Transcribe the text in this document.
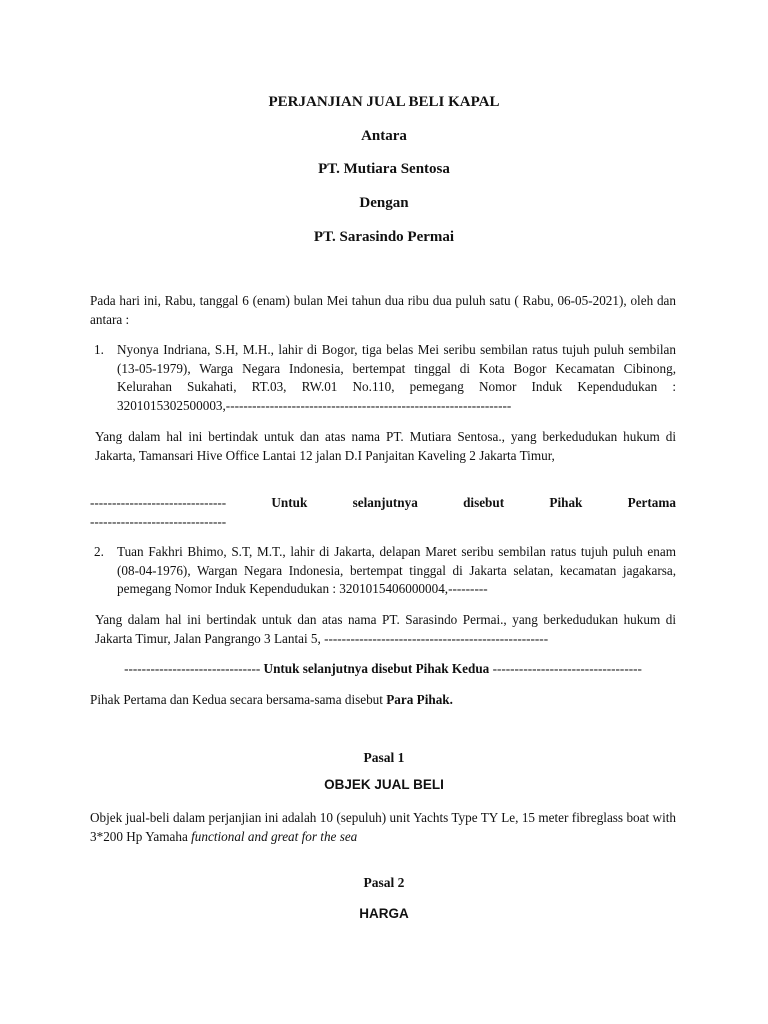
PERJANJIAN JUAL BELI KAPAL
Antara
PT. Mutiara Sentosa
Dengan
PT. Sarasindo Permai
Pada hari ini, Rabu, tanggal 6 (enam) bulan Mei tahun dua ribu dua puluh satu ( Rabu, 06-05-2021), oleh dan antara :
1. Nyonya Indriana, S.H, M.H., lahir di Bogor, tiga belas Mei seribu sembilan ratus tujuh puluh sembilan (13-05-1979), Warga Negara Indonesia, bertempat tinggal di Kota Bogor Kecamatan Cibinong, Kelurahan Sukahati, RT.03, RW.01 No.110, pemegang Nomor Induk Kependudukan : 3201015302500003,-----------------------------------------------------------------
Yang dalam hal ini bertindak untuk dan atas nama PT. Mutiara Sentosa., yang berkedudukan hukum di Jakarta, Tamansari Hive Office Lantai 12 jalan D.I Panjaitan Kaveling 2 Jakarta Timur,
-------------------------------	Untuk	selanjutnya	disebut	Pihak	Pertama
-------------------------------
2. Tuan Fakhri Bhimo, S.T, M.T., lahir di Jakarta, delapan Maret seribu sembilan ratus tujuh puluh enam (08-04-1976), Wargan Negara Indonesia, bertempat tinggal di Jakarta selatan, kecamatan jagakarsa, pemegang Nomor Induk Kependudukan : 3201015406000004,---------
Yang dalam hal ini bertindak untuk dan atas nama PT. Sarasindo Permai., yang berkedudukan hukum di Jakarta Timur, Jalan Pangrango 3 Lantai 5, ---------------------------------------------------
------------------------------- Untuk selanjutnya disebut Pihak Kedua ----------------------------------
Pihak Pertama dan Kedua secara bersama-sama disebut Para Pihak.
Pasal 1
OBJEK JUAL BELI
Objek jual-beli dalam perjanjian ini adalah 10 (sepuluh) unit Yachts Type TY Le, 15 meter fibreglass boat with 3*200 Hp Yamaha functional and great for the sea
Pasal 2
HARGA
